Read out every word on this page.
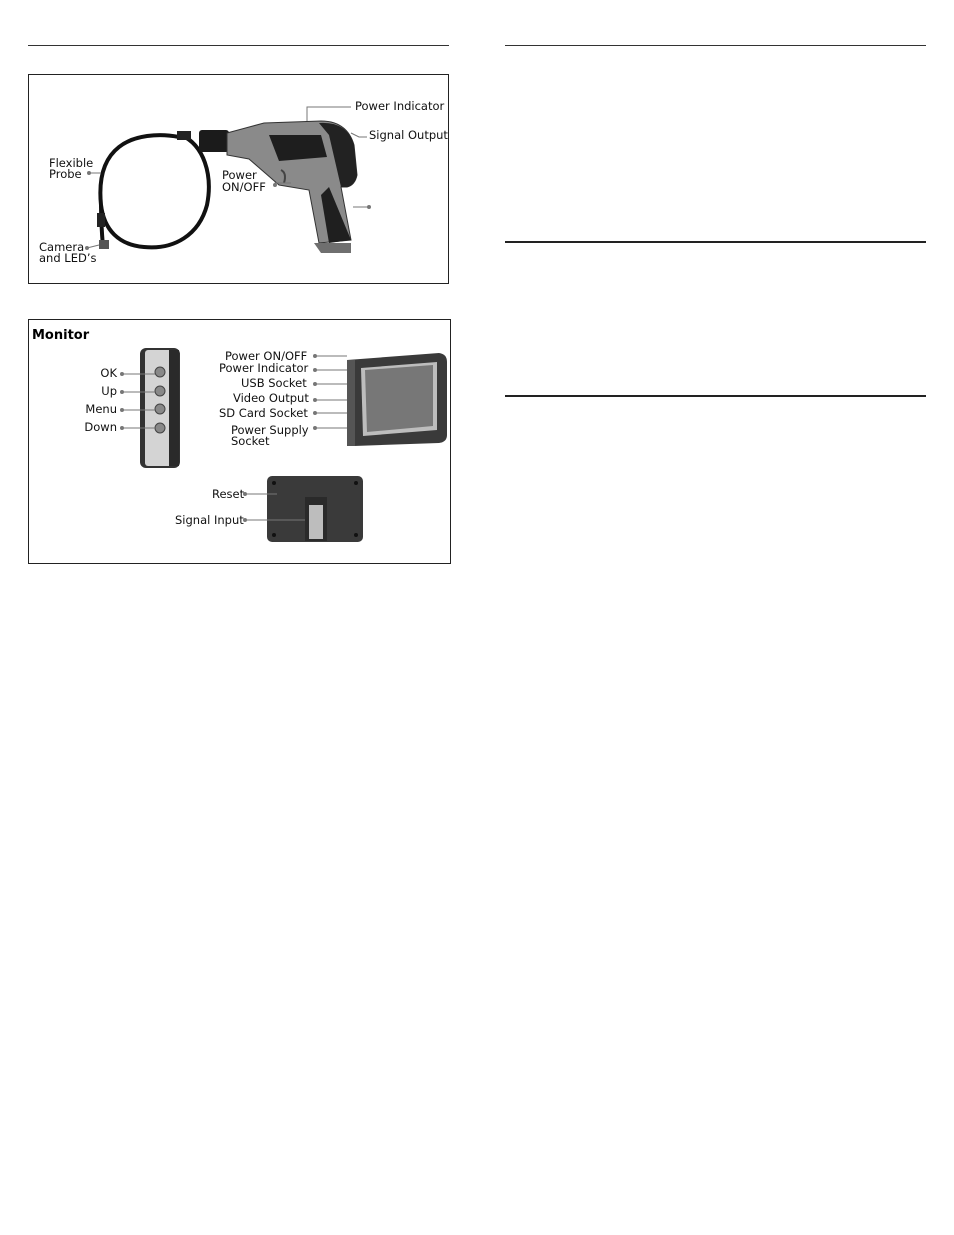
Power Indicator
Signal Output
Flexible
Probe	Power
ON/OFF
Camera
and LED’s
Monitor
OK
Up
Menu
Down
Power ON/OFF
Power Indicator
USB Socket
Video Output
SD Card Socket
Power Supply
Socket
Reset
Signal Input
